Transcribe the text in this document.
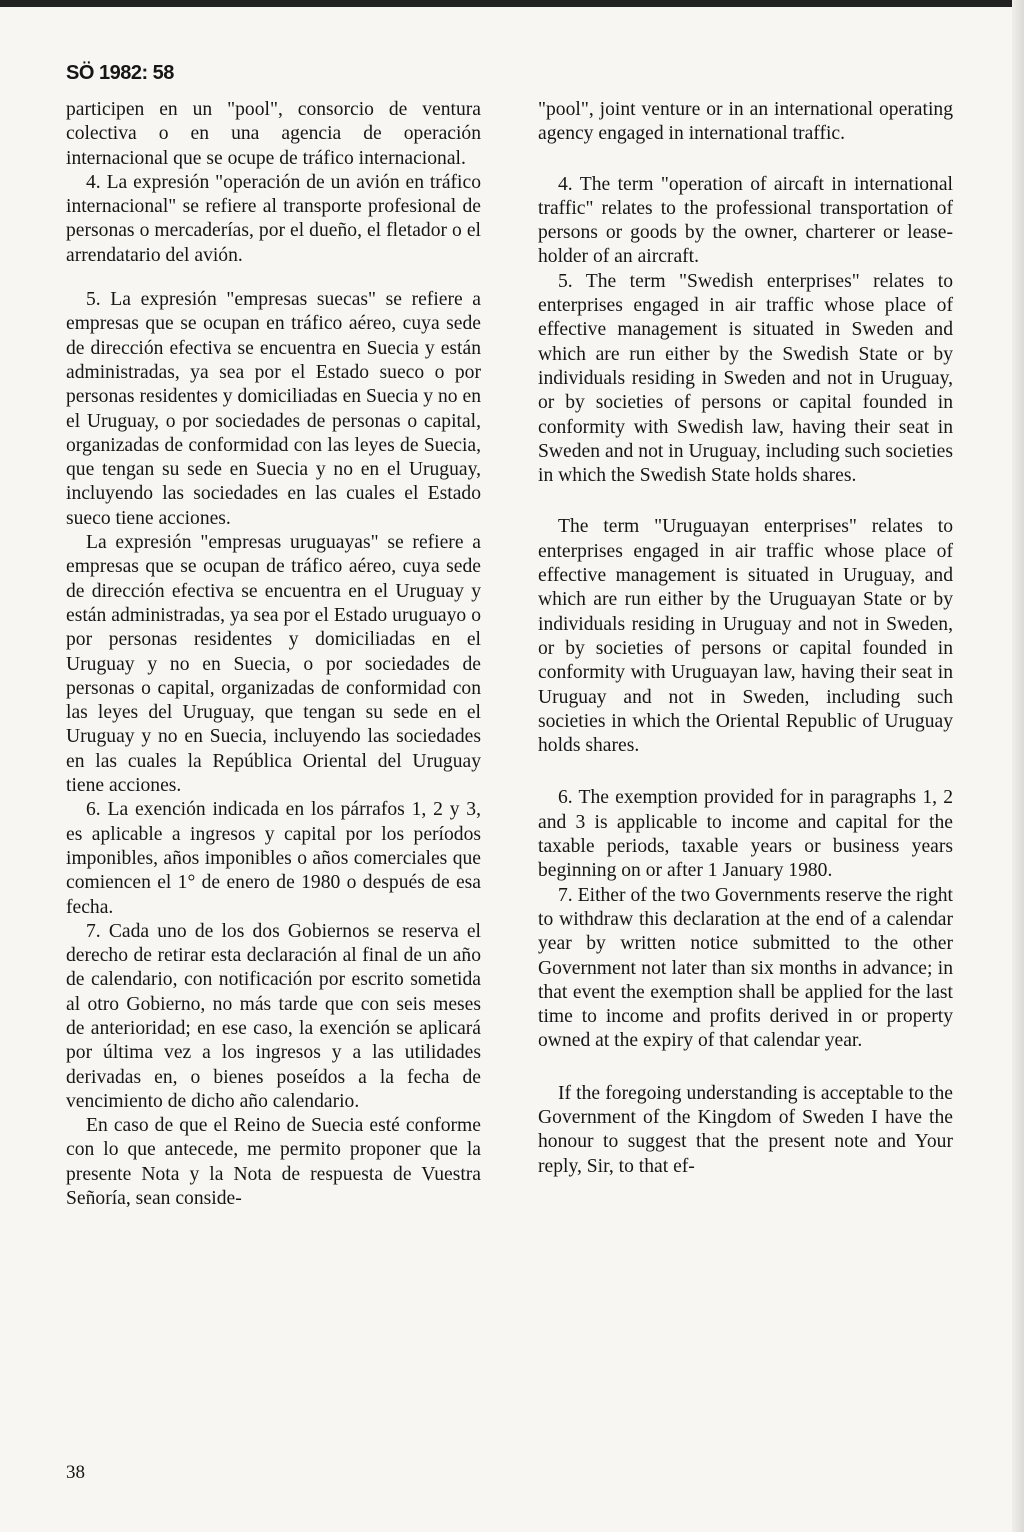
SÖ 1982: 58

participen en un "pool", consorcio de ventura colectiva o en una agencia de operación internacional que se ocupe de tráfico internacional.

4. La expresión "operación de un avión en tráfico internacional" se refiere al transporte profesional de personas o mercaderías, por el dueño, el fletador o el arrendatario del avión.

5. La expresión "empresas suecas" se refiere a empresas que se ocupan en tráfico aéreo, cuya sede de dirección efectiva se encuentra en Suecia y están administradas, ya sea por el Estado sueco o por personas residentes y domiciliadas en Suecia y no en el Uruguay, o por sociedades de personas o capital, organizadas de conformidad con las leyes de Suecia, que tengan su sede en Suecia y no en el Uruguay, incluyendo las sociedades en las cuales el Estado sueco tiene acciones.

La expresión "empresas uruguayas" se refiere a empresas que se ocupan de tráfico aéreo, cuya sede de dirección efectiva se encuentra en el Uruguay y están administradas, ya sea por el Estado uruguayo o por personas residentes y domiciliadas en el Uruguay y no en Suecia, o por sociedades de personas o capital, organizadas de conformidad con las leyes del Uruguay, que tengan su sede en el Uruguay y no en Suecia, incluyendo las sociedades en las cuales la República Oriental del Uruguay tiene acciones.

6. La exención indicada en los párrafos 1, 2 y 3, es aplicable a ingresos y capital por los períodos imponibles, años imponibles o años comerciales que comiencen el 1° de enero de 1980 o después de esa fecha.

7. Cada uno de los dos Gobiernos se reserva el derecho de retirar esta declaración al final de un año de calendario, con notificación por escrito sometida al otro Gobierno, no más tarde que con seis meses de anterioridad; en ese caso, la exención se aplicará por última vez a los ingresos y a las utilidades derivadas en, o bienes poseídos a la fecha de vencimiento de dicho año calendario.

En caso de que el Reino de Suecia esté conforme con lo que antecede, me permito proponer que la presente Nota y la Nota de respuesta de Vuestra Señoría, sean conside-

"pool", joint venture or in an international operating agency engaged in international traffic.

4. The term "operation of aircaft in international traffic" relates to the professional transportation of persons or goods by the owner, charterer or lease-holder of an aircraft.

5. The term "Swedish enterprises" relates to enterprises engaged in air traffic whose place of effective management is situated in Sweden and which are run either by the Swedish State or by individuals residing in Sweden and not in Uruguay, or by societies of persons or capital founded in conformity with Swedish law, having their seat in Sweden and not in Uruguay, including such societies in which the Swedish State holds shares.

The term "Uruguayan enterprises" relates to enterprises engaged in air traffic whose place of effective management is situated in Uruguay, and which are run either by the Uruguayan State or by individuals residing in Uruguay and not in Sweden, or by societies of persons or capital founded in conformity with Uruguayan law, having their seat in Uruguay and not in Sweden, including such societies in which the Oriental Republic of Uruguay holds shares.

6. The exemption provided for in paragraphs 1, 2 and 3 is applicable to income and capital for the taxable periods, taxable years or business years beginning on or after 1 January 1980.

7. Either of the two Governments reserve the right to withdraw this declaration at the end of a calendar year by written notice submitted to the other Government not later than six months in advance; in that event the exemption shall be applied for the last time to income and profits derived in or property owned at the expiry of that calendar year.

If the foregoing understanding is acceptable to the Government of the Kingdom of Sweden I have the honour to suggest that the present note and Your reply, Sir, to that ef-

38
